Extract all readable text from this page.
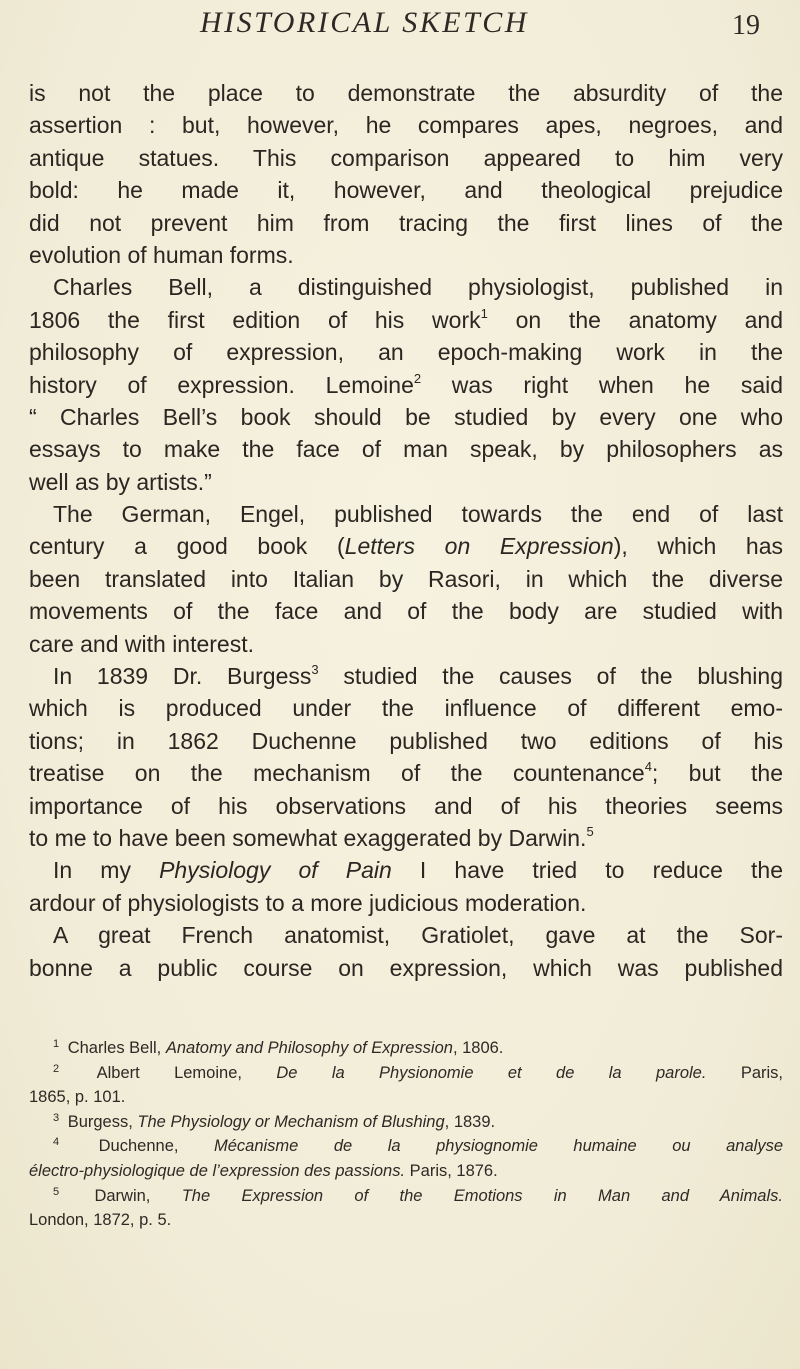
HISTORICAL SKETCH	19
is not the place to demonstrate the absurdity of the
assertion : but, however, he compares apes, negroes, and
antique statues. This comparison appeared to him very
bold: he made it, however, and theological prejudice
did not prevent him from tracing the first lines of the
evolution of human forms.
Charles Bell, a distinguished physiologist, published in
1806 the first edition of his work$^1$ on the anatomy and
philosophy of expression, an epoch-making work in the
history of expression. Lemoine$^2$ was right when he said
“ Charles Bell’s book should be studied by every one who
essays to make the face of man speak, by philosophers as
well as by artists.”
The German, Engel, published towards the end of last
century a good book (Letters on Expression), which has
been translated into Italian by Rasori, in which the diverse
movements of the face and of the body are studied with
care and with interest.
In 1839 Dr. Burgess$^3$ studied the causes of the blushing
which is produced under the influence of different emo-
tions; in 1862 Duchenne published two editions of his
treatise on the mechanism of the countenance$^4$; but the
importance of his observations and of his theories seems
to me to have been somewhat exaggerated by Darwin.$^5$
In my Physiology of Pain I have tried to reduce the
ardour of physiologists to a more judicious moderation.
A great French anatomist, Gratiolet, gave at the Sor-
bonne a public course on expression, which was published
$^1$ Charles Bell, Anatomy and Philosophy of Expression, 1806.
$^2$ Albert Lemoine, De la Physionomie et de la parole. Paris,
1865, p. 101.
$^3$ Burgess, The Physiology or Mechanism of Blushing, 1839.
$^4$ Duchenne, Mécanisme de la physiognomie humaine ou analyse
électro-physiologique de l’expression des passions. Paris, 1876.
$^5$ Darwin, The Expression of the Emotions in Man and Animals.
London, 1872, p. 5.
